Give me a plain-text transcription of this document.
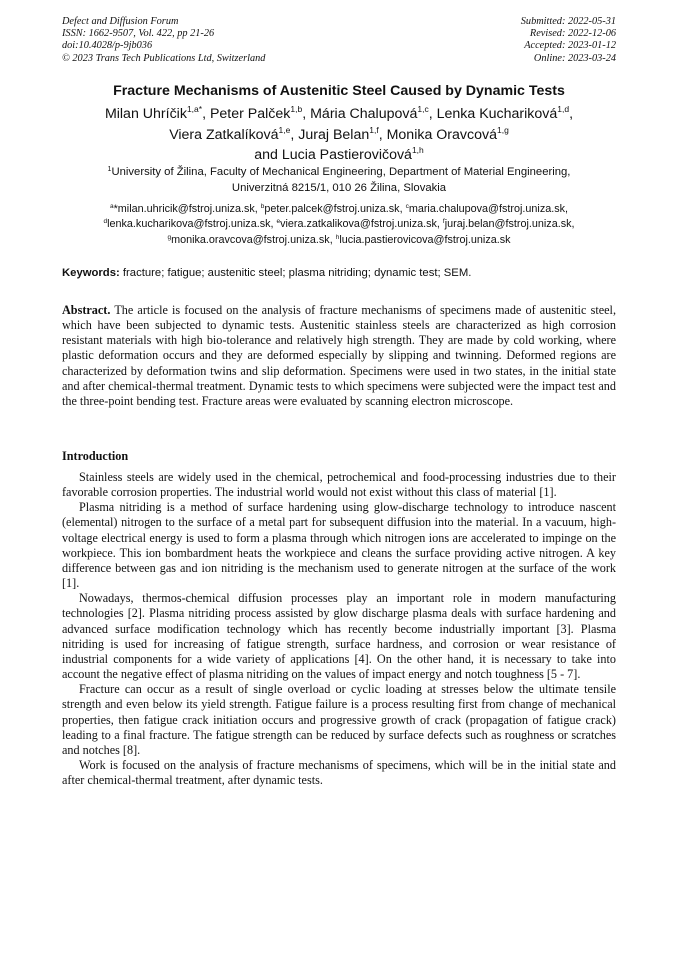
Defect and Diffusion Forum
ISSN: 1662-9507, Vol. 422, pp 21-26
doi:10.4028/p-9jb036
© 2023 Trans Tech Publications Ltd, Switzerland
Submitted: 2022-05-31
Revised: 2022-12-06
Accepted: 2023-01-12
Online: 2023-03-24
Fracture Mechanisms of Austenitic Steel Caused by Dynamic Tests
Milan Uhríčik$^{1,a*}$, Peter Palček$^{1,b}$, Mária Chalupová$^{1,c}$, Lenka Kuchariková$^{1,d}$,
Viera Zatkalíková$^{1,e}$, Juraj Belan$^{1,f}$, Monika Oravcová$^{1,g}$
and Lucia Pastierovičová$^{1,h}$
$^1$University of Žilina, Faculty of Mechanical Engineering, Department of Material Engineering,
Univerzitná 8215/1, 010 26 Žilina, Slovakia
$^a$*milan.uhricik@fstroj.uniza.sk, $^b$peter.palcek@fstroj.uniza.sk, $^c$maria.chalupova@fstroj.uniza.sk,
$^d$lenka.kucharikova@fstroj.uniza.sk, $^e$viera.zatkalikova@fstroj.uniza.sk, $^f$juraj.belan@fstroj.uniza.sk,
$^g$monika.oravcova@fstroj.uniza.sk, $^h$lucia.pastierovicova@fstroj.uniza.sk
Keywords: fracture; fatigue; austenitic steel; plasma nitriding; dynamic test; SEM.
Abstract. The article is focused on the analysis of fracture mechanisms of specimens made of austenitic steel, which have been subjected to dynamic tests. Austenitic stainless steels are characterized as high corrosion resistant materials with high bio-tolerance and relatively high strength. They are made by cold working, where plastic deformation occurs and they are deformed especially by slipping and twinning. Deformed regions are characterized by deformation twins and slip deformation. Specimens were used in two states, in the initial state and after chemical-thermal treatment. Dynamic tests to which specimens were subjected were the impact test and the three-point bending test. Fracture areas were evaluated by scanning electron microscope.
Introduction

Stainless steels are widely used in the chemical, petrochemical and food-processing industries due to their favorable corrosion properties. The industrial world would not exist without this class of material [1].

Plasma nitriding is a method of surface hardening using glow-discharge technology to introduce nascent (elemental) nitrogen to the surface of a metal part for subsequent diffusion into the material. In a vacuum, high-voltage electrical energy is used to form a plasma through which nitrogen ions are accelerated to impinge on the workpiece. This ion bombardment heats the workpiece and cleans the surface providing active nitrogen. A key difference between gas and ion nitriding is the mechanism used to generate nitrogen at the surface of the work [1].

Nowadays, thermos-chemical diffusion processes play an important role in modern manufacturing technologies [2]. Plasma nitriding process assisted by glow discharge plasma deals with surface hardening and advanced surface modification technology which has recently become industrially important [3]. Plasma nitriding is used for increasing of fatigue strength, surface hardness, and corrosion or wear resistance of industrial components for a wide variety of applications [4]. On the other hand, it is necessary to take into account the negative effect of plasma nitriding on the values of impact energy and notch toughness [5 - 7].

Fracture can occur as a result of single overload or cyclic loading at stresses below the ultimate tensile strength and even below its yield strength. Fatigue failure is a process resulting first from change of mechanical properties, then fatigue crack initiation occurs and progressive growth of crack (propagation of fatigue crack) leading to a final fracture. The fatigue strength can be reduced by surface defects such as roughness or scratches and notches [8].

Work is focused on the analysis of fracture mechanisms of specimens, which will be in the initial state and after chemical-thermal treatment, after dynamic tests.
